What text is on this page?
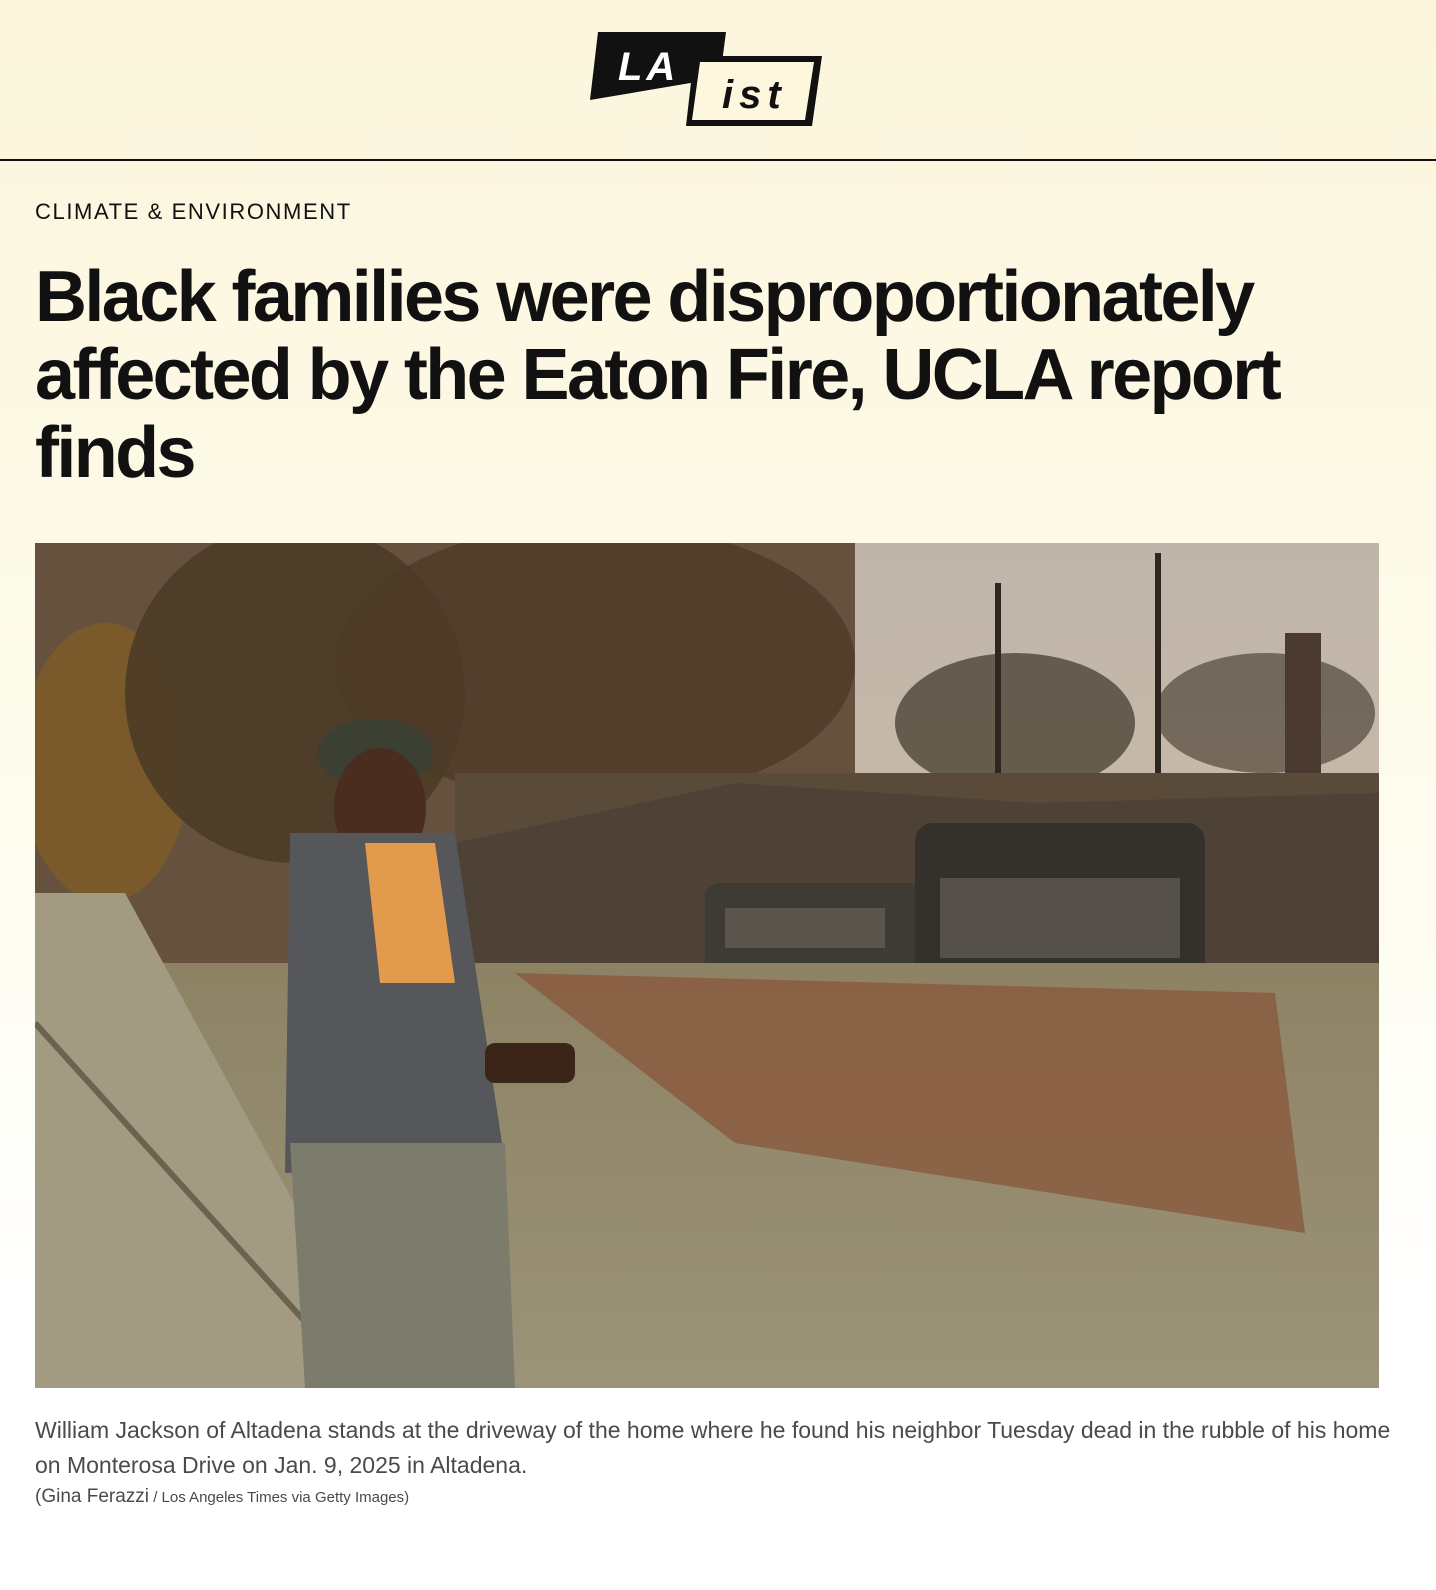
LA
ist
CLIMATE & ENVIRONMENT
Black families were disproportionately affected by the Eaton Fire, UCLA report finds

William Jackson of Altadena stands at the driveway of the home where he found his neighbor Tuesday dead in the rubble of his home on Monterosa Drive on Jan. 9, 2025 in Altadena.

(Gina Ferazzi / Los Angeles Times via Getty Images)
